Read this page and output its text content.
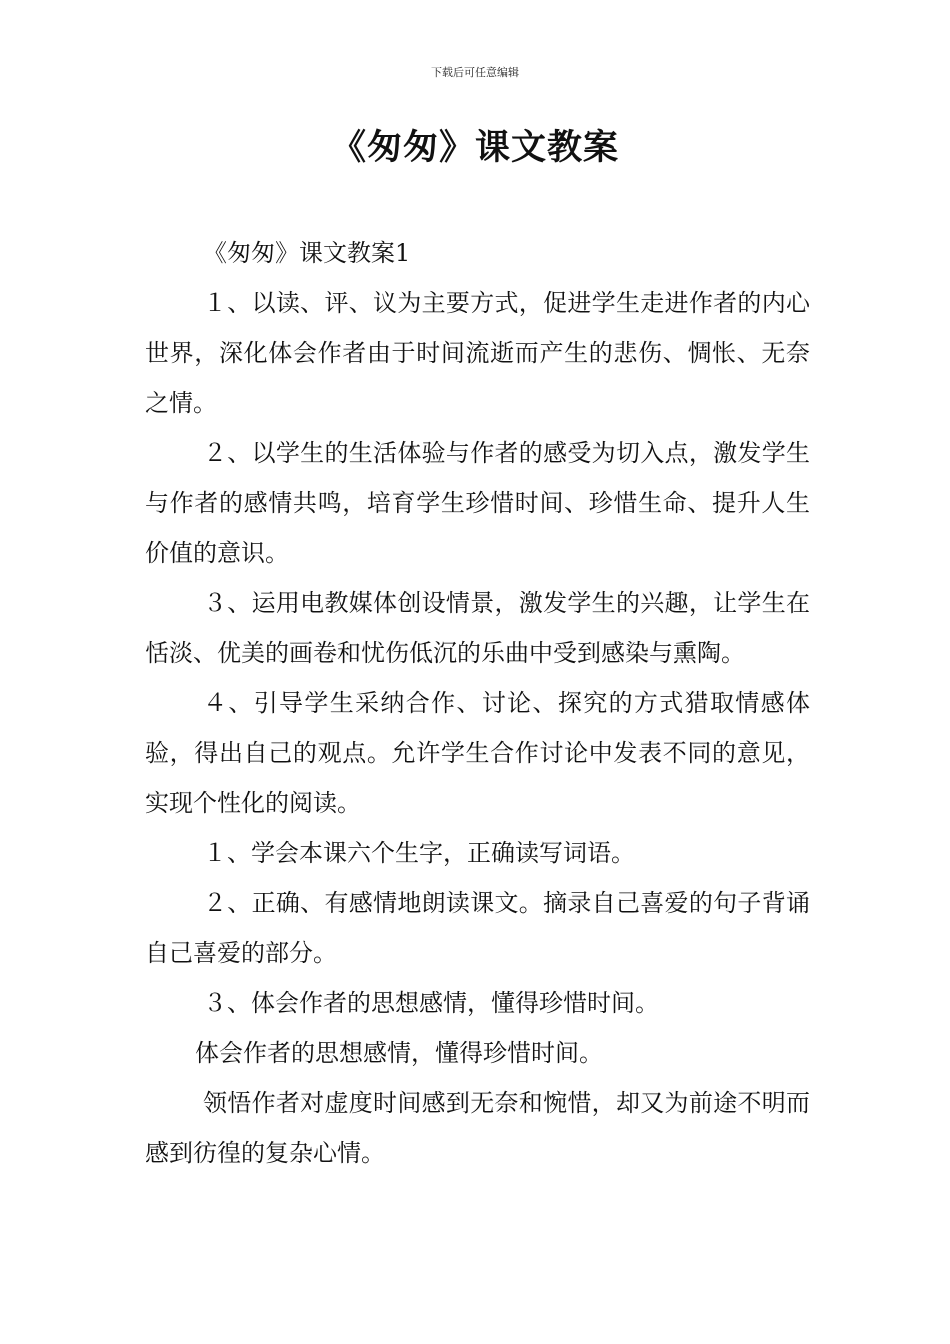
下载后可任意编辑
《匆匆》课文教案

《匆匆》课文教案1

１、以读、评、议为主要方式，促进学生走进作者的内心世界，深化体会作者由于时间流逝而产生的悲伤、惆怅、无奈之情。

２、以学生的生活体验与作者的感受为切入点，激发学生与作者的感情共鸣，培育学生珍惜时间、珍惜生命、提升人生价值的意识。

３、运用电教媒体创设情景，激发学生的兴趣，让学生在恬淡、优美的画卷和忧伤低沉的乐曲中受到感染与熏陶。

４、引导学生采纳合作、讨论、探究的方式猎取情感体验，得出自己的观点。允许学生合作讨论中发表不同的意见，实现个性化的阅读。

１、学会本课六个生字，正确读写词语。

２、正确、有感情地朗读课文。摘录自己喜爱的句子背诵自己喜爱的部分。

３、体会作者的思想感情，懂得珍惜时间。

体会作者的思想感情，懂得珍惜时间。

领悟作者对虚度时间感到无奈和惋惜，却又为前途不明而感到彷徨的复杂心情。
